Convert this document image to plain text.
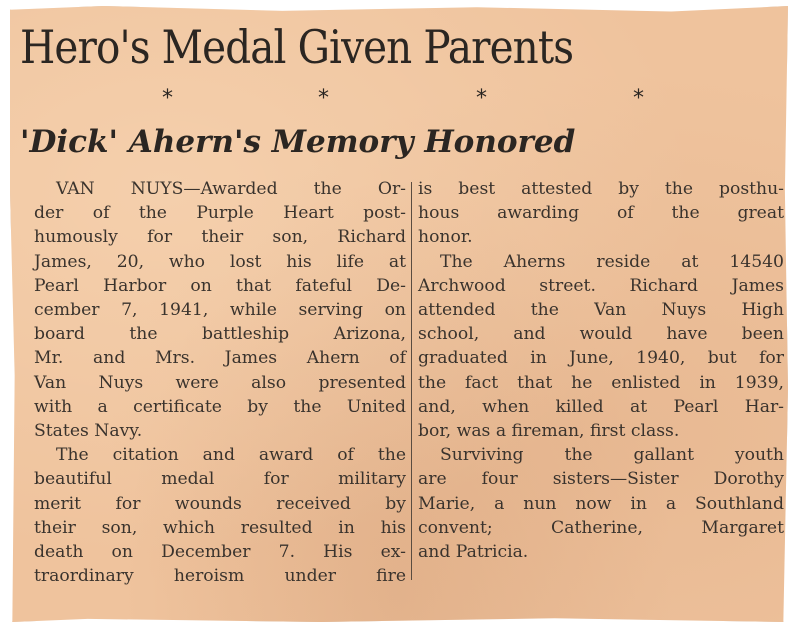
Hero's Medal Given Parents
*	*	*	*
'Dick' Ahern's Memory Honored
VAN NUYS—Awarded the Or-
der of the Purple Heart post-
humously for their son, Richard
James, 20, who lost his life at
Pearl Harbor on that fateful De-
cember 7, 1941, while serving on
board the battleship Arizona,
Mr. and Mrs. James Ahern of
Van Nuys were also presented
with a certificate by the United
States Navy.
The citation and award of the
beautiful medal for military
merit for wounds received by
their son, which resulted in his
death on December 7. His ex-
traordinary heroism under fire
is best attested by the posthu-
hous awarding of the great
honor.
The Aherns reside at 14540
Archwood street. Richard James
attended the Van Nuys High
school, and would have been
graduated in June, 1940, but for
the fact that he enlisted in 1939,
and, when killed at Pearl Har-
bor, was a fireman, first class.
Surviving the gallant youth
are four sisters—Sister Dorothy
Marie, a nun now in a Southland
convent; Catherine, Margaret
and Patricia.
